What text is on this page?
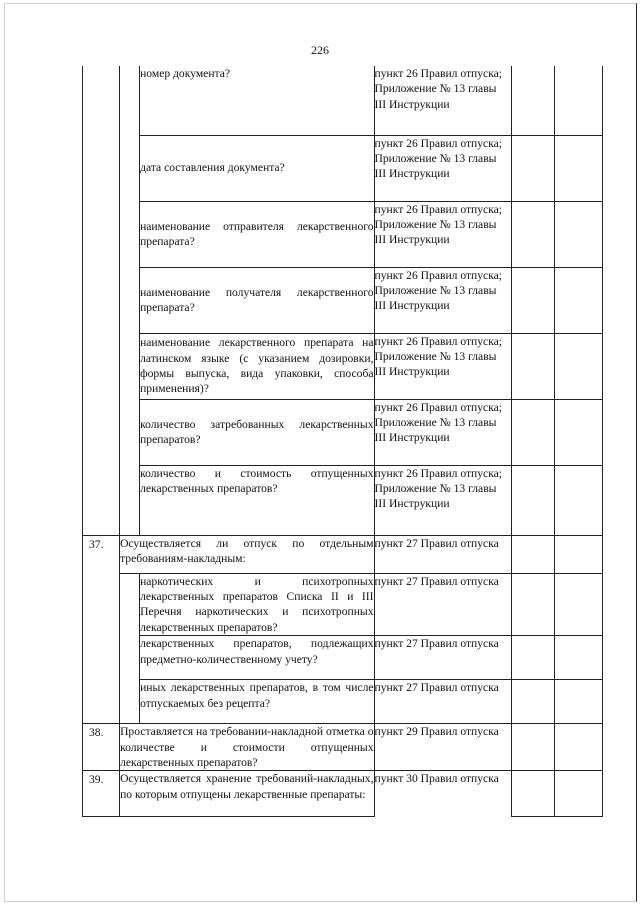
226

		номер документа?	пункт 26 Правил отпуска; Приложение № 13 главы III Инструкции		

		дата составления документа?	пункт 26 Правил отпуска; Приложение № 13 главы III Инструкции		

		наименование отправителя лекарственного препарата?	пункт 26 Правил отпуска; Приложение № 13 главы III Инструкции		

		наименование получателя лекарственного препарата?	пункт 26 Правил отпуска; Приложение № 13 главы III Инструкции		

		наименование лекарственного препарата на латинском языке (с указанием дозировки, формы выпуска, вида упаковки, способа применения)?	пункт 26 Правил отпуска; Приложение № 13 главы III Инструкции		

		количество затребованных лекарственных препаратов?	пункт 26 Правил отпуска; Приложение № 13 главы III Инструкции		

		количество и стоимость отпущенных лекарственных препаратов?	пункт 26 Правил отпуска; Приложение № 13 главы III Инструкции		
37.	Осуществляется ли отпуск по отдельным требованиям-накладным:		пункт 27 Правил отпуска		
		наркотических и психотропных лекарственных препаратов Списка II и III Перечня наркотических и психотропных лекарственных препаратов?	пункт 27 Правил отпуска		

		лекарственных препаратов, подлежащих предметно-количественному учету?	пункт 27 Правил отпуска		

		иных лекарственных препаратов, в том числе отпускаемых без рецепта?	пункт 27 Правил отпуска		
38.	Проставляется на требовании-накладной отметка о количестве и стоимости отпущенных лекарственных препаратов?		пункт 29 Правил отпуска		
39.	Осуществляется хранение требований-накладных, по которым отпущены лекарственные препараты:		пункт 30 Правил отпуска		
